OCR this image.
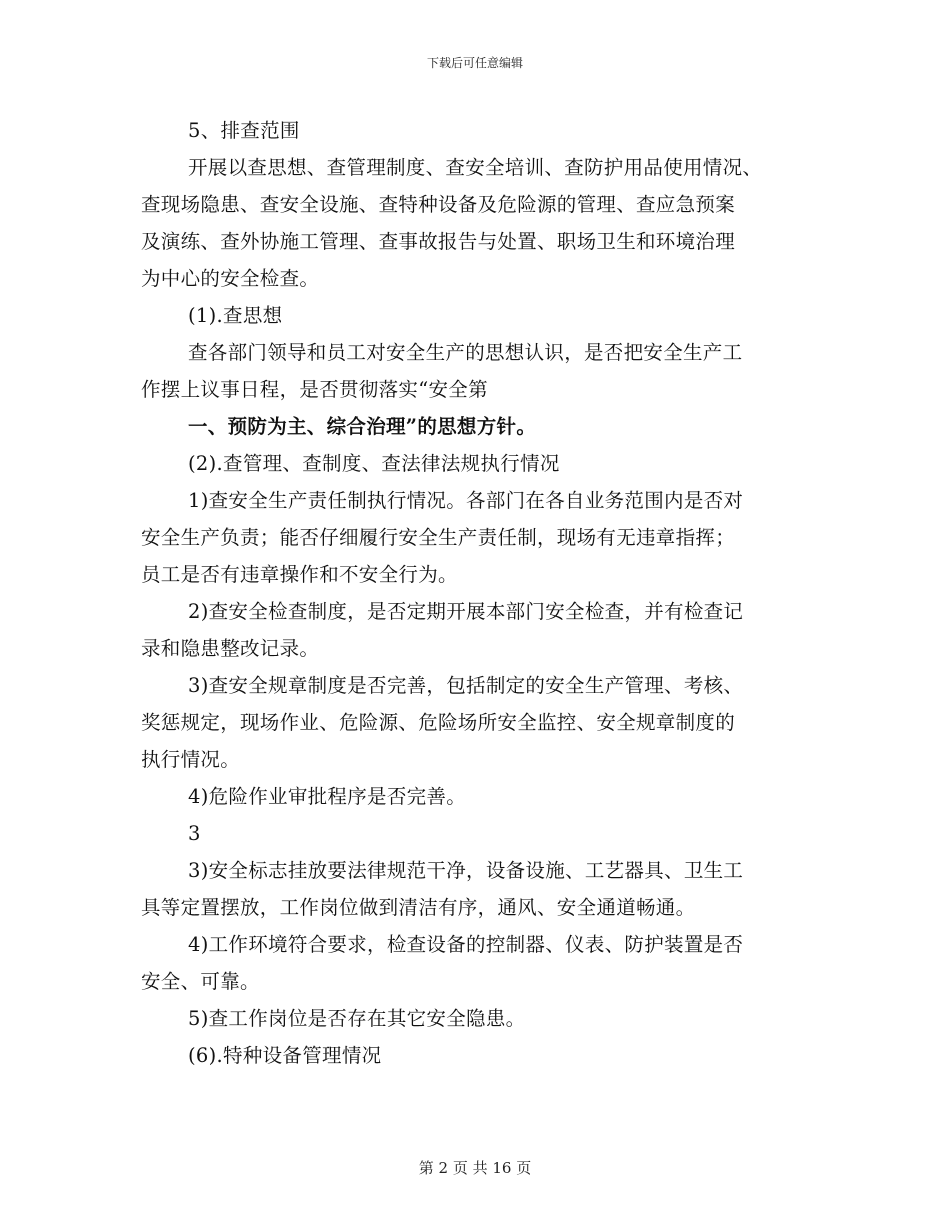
下载后可任意编辑
5、排查范围
开展以查思想、查管理制度、查安全培训、查防护用品使用情况、
查现场隐患、查安全设施、查特种设备及危险源的管理、查应急预案
及演练、查外协施工管理、查事故报告与处置、职场卫生和环境治理
为中心的安全检查。
(1).查思想
查各部门领导和员工对安全生产的思想认识，是否把安全生产工
作摆上议事日程，是否贯彻落实“安全第
一、预防为主、综合治理”的思想方针。
(2).查管理、查制度、查法律法规执行情况
1)查安全生产责任制执行情况。各部门在各自业务范围内是否对
安全生产负责；能否仔细履行安全生产责任制，现场有无违章指挥；
员工是否有违章操作和不安全行为。
2)查安全检查制度，是否定期开展本部门安全检查，并有检查记
录和隐患整改记录。
3)查安全规章制度是否完善，包括制定的安全生产管理、考核、
奖惩规定，现场作业、危险源、危险场所安全监控、安全规章制度的
执行情况。
4)危险作业审批程序是否完善。
3
3)安全标志挂放要法律规范干净，设备设施、工艺器具、卫生工
具等定置摆放，工作岗位做到清洁有序，通风、安全通道畅通。
4)工作环境符合要求，检查设备的控制器、仪表、防护装置是否
安全、可靠。
5)查工作岗位是否存在其它安全隐患。
(6).特种设备管理情况
第 2 页 共 16 页
